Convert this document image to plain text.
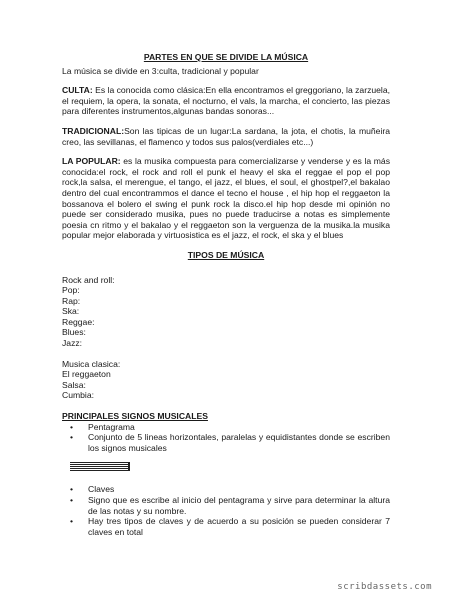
PARTES EN QUE SE DIVIDE LA MÚSICA
La música se divide en 3:culta, tradicional y popular
CULTA: Es la conocida como clásica:En ella encontramos el greggoriano, la zarzuela, el requiem, la opera, la sonata, el nocturno, el vals, la marcha, el concierto, las piezas para diferentes instrumentos,algunas bandas sonoras...
TRADICIONAL:Son las tipicas de un lugar:La sardana, la jota, el chotis, la muñeira creo, las sevillanas, el flamenco y todos sus palos(verdiales etc...)
LA POPULAR: es la musika compuesta para comercializarse y venderse y es la más conocida:el rock, el rock and roll el punk el heavy el ska el reggae el pop el pop rock,la salsa, el merengue, el tango, el jazz, el blues, el soul, el ghostpel?,el bakalao dentro del cual encontrammos el dance el tecno el house , el hip hop el reggaeton la bossanova el bolero el swing el punk rock la disco.el hip hop desde mi opinión no puede ser considerado musika, pues no puede traducirse a notas es simplemente poesia cn ritmo y el bakalao y el reggaeton son la verguenza de la musika.la musika popular mejor elaborada y virtuosistica es el jazz, el rock, el ska y el blues
TIPOS DE MÚSICA
Rock and roll:
Pop:
Rap:
Ska:
Reggae:
Blues:
Jazz:
Musica clasica:
El reggaeton
Salsa:
Cumbia:
PRINCIPALES SIGNOS MUSICALES
•	Pentagrama
•	Conjunto de 5 lineas horizontales, paralelas y equidistantes donde se escriben los signos musicales
•	Claves
•	Signo que es escribe al inicio del pentagrama y sirve para determinar la altura de las notas y su nombre.
•	Hay tres tipos de claves y de acuerdo a su posición se pueden considerar 7 claves en total
scribdassets.com
